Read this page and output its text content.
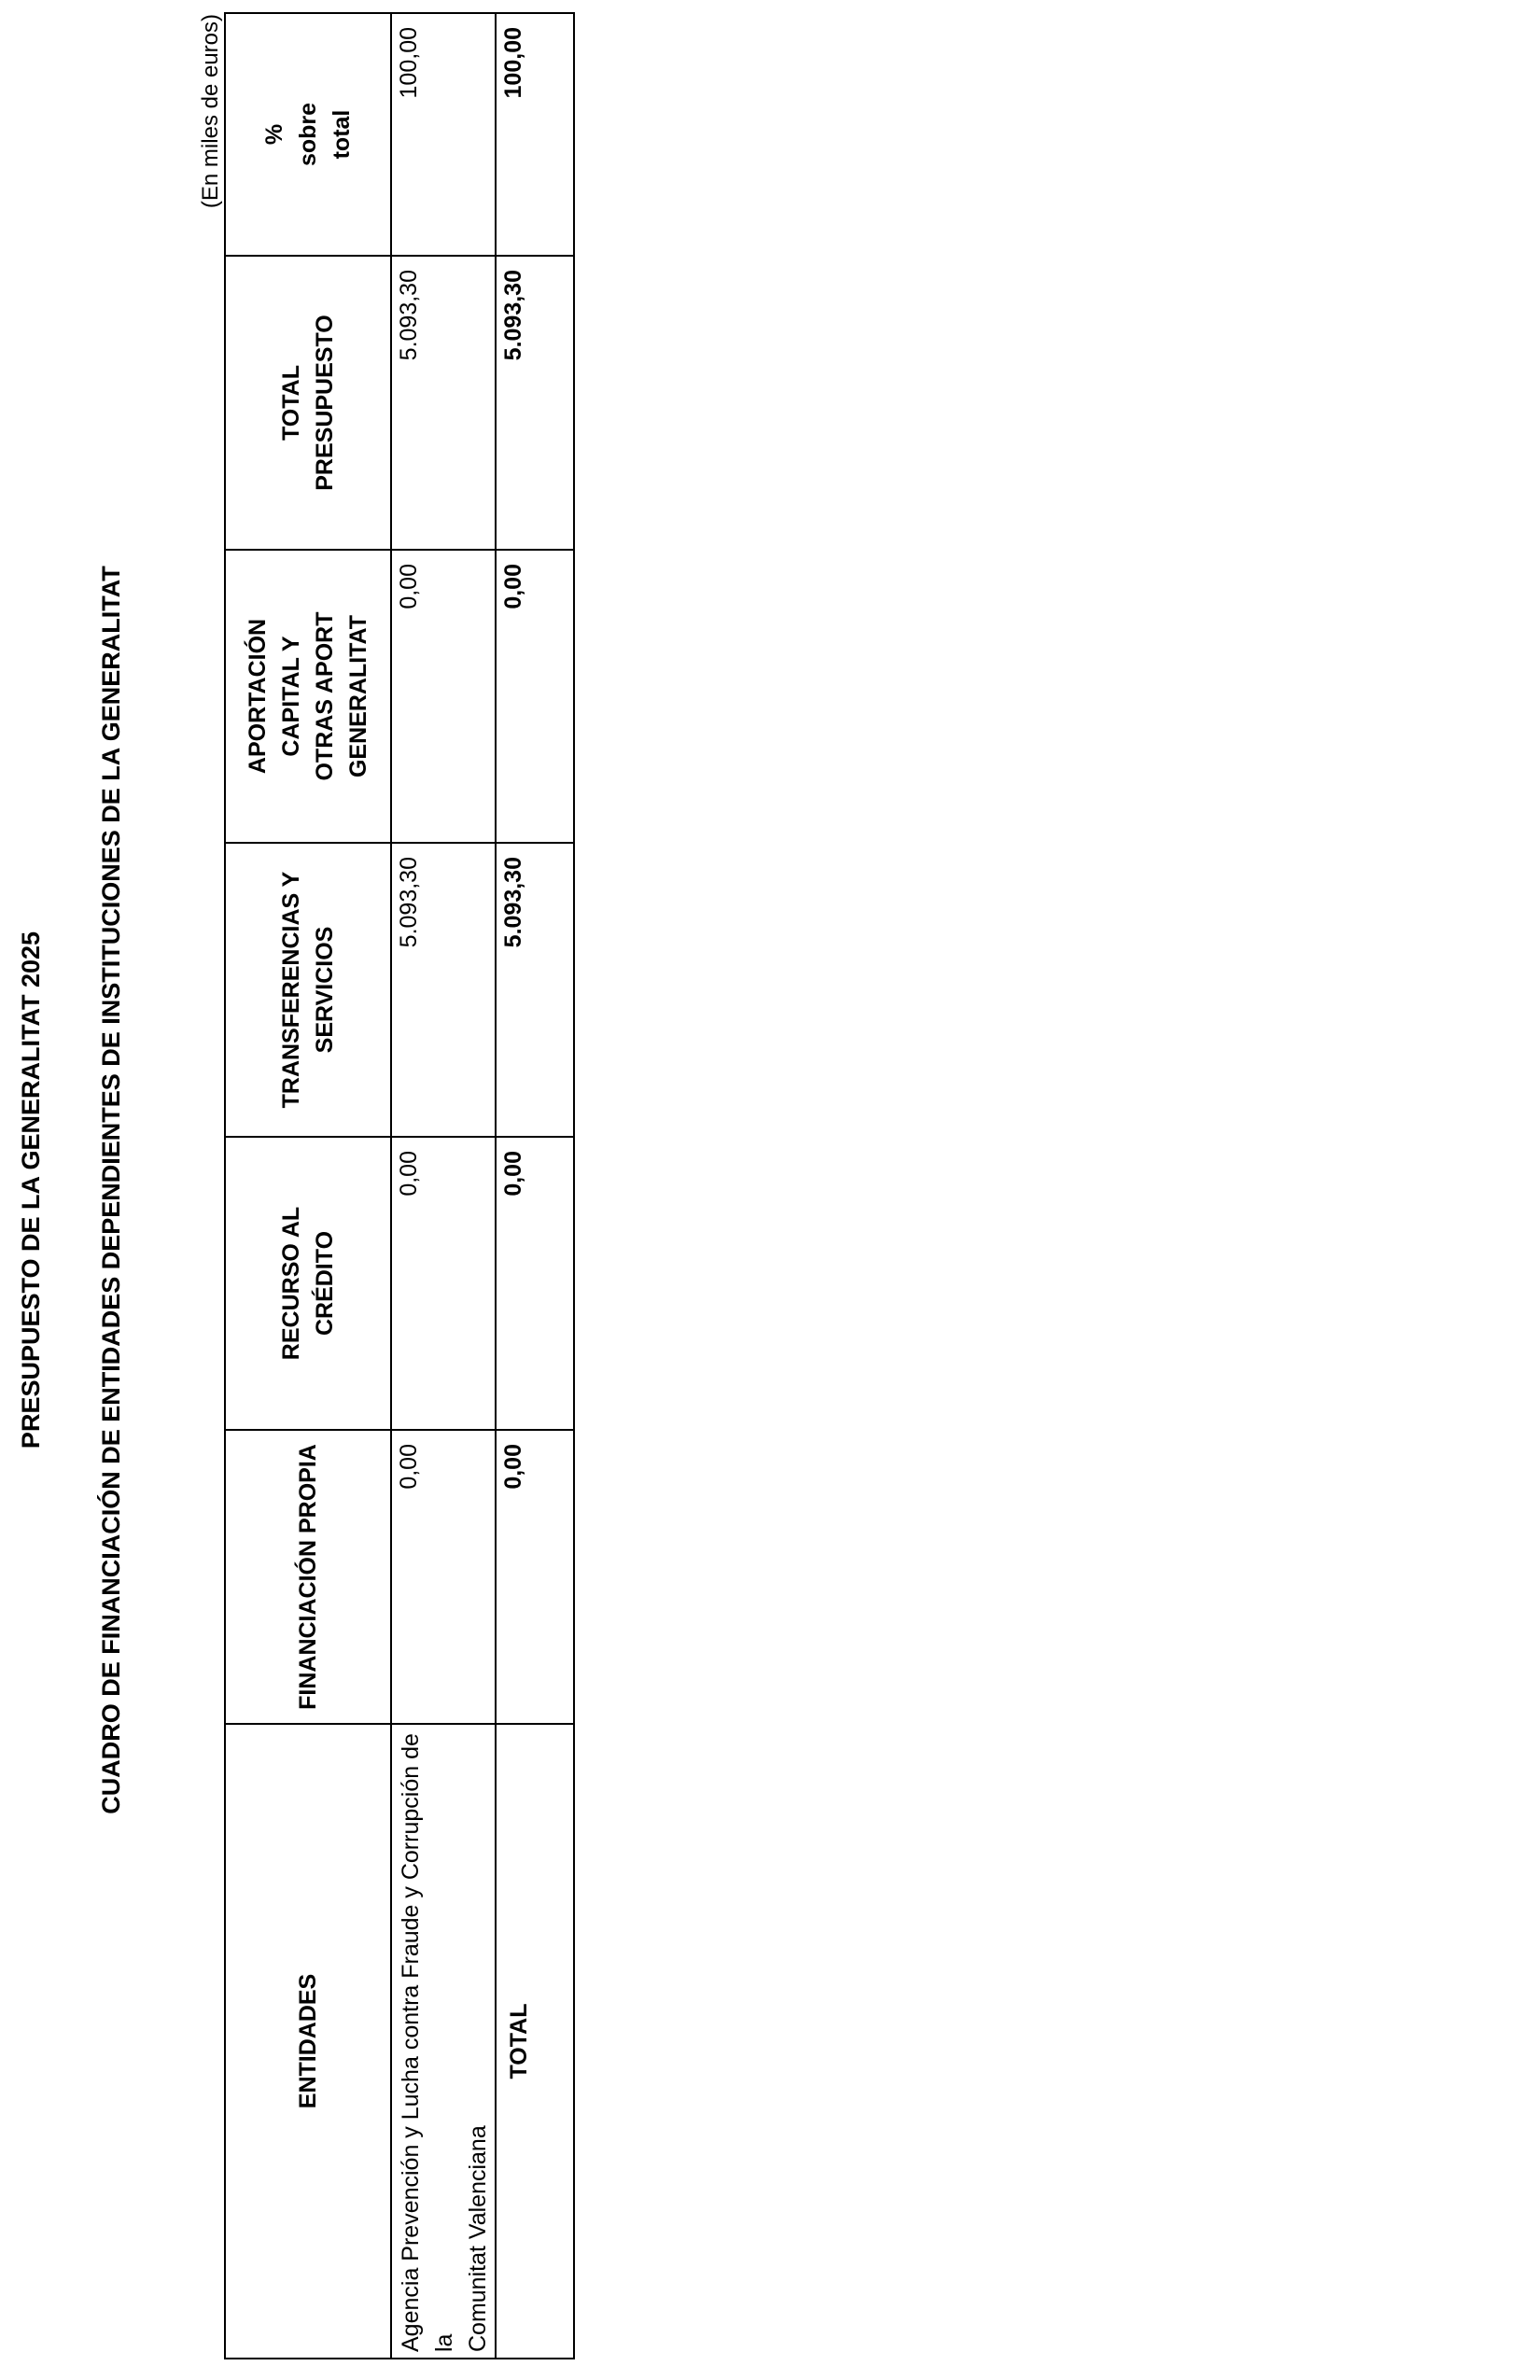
PRESUPUESTO DE LA GENERALITAT 2025 CUADRO DE FINANCIACIÓN DE ENTIDADES DEPENDIENTES DE INSTITUCIONES DE LA GENERALITAT
(En miles de euros)
ENTIDADES	FINANCIACIÓN PROPIA	RECURSO AL CRÉDITO	TRANSFERENCIAS Y SERVICIOS	APORTACIÓN CAPITAL Y OTRAS APORT GENERALITAT	TOTAL PRESUPUESTO	% sobre total
Agencia Prevención y Lucha contra Fraude y Corrupción de la Comunitat Valenciana	0,00	0,00	5.093,30	0,00	5.093,30	100,00
TOTAL	0,00	0,00	5.093,30	0,00	5.093,30	100,00
